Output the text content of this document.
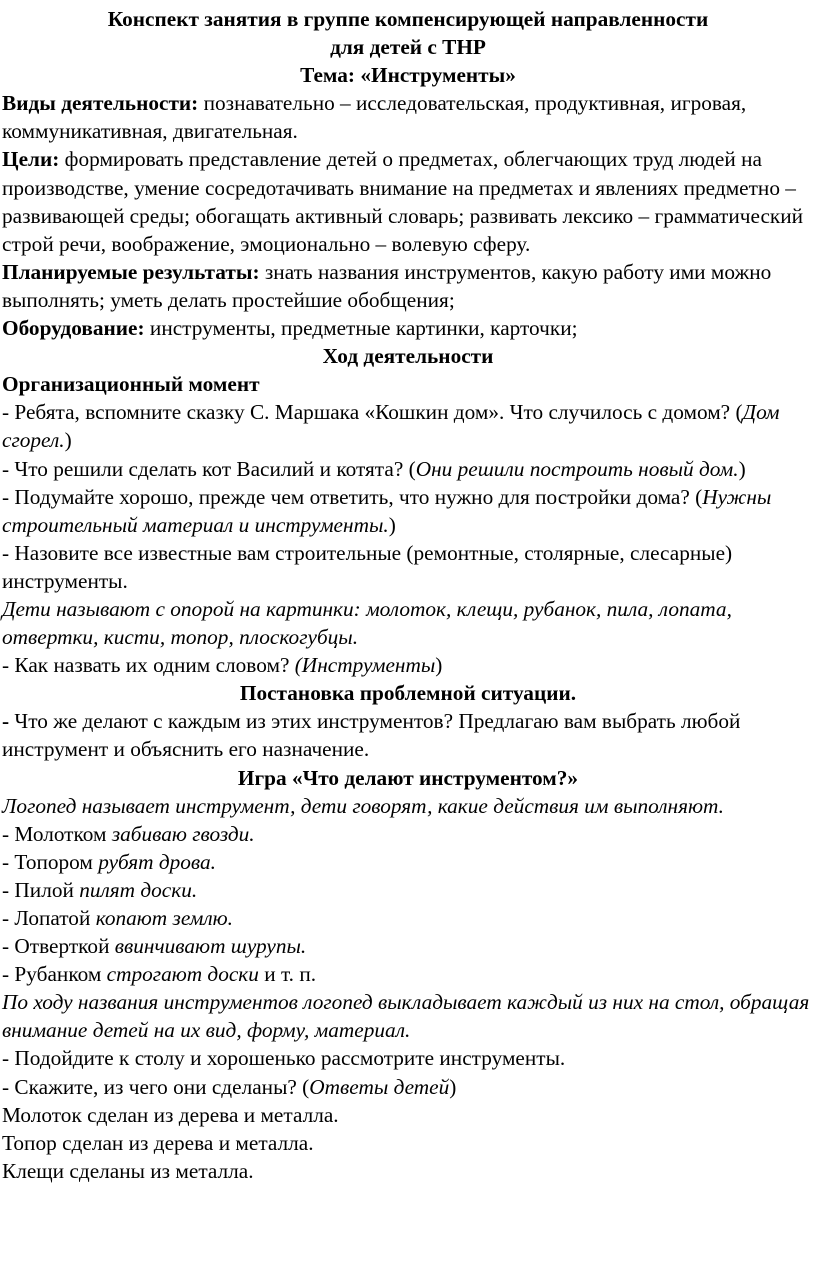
Конспект занятия в группе компенсирующей направленности

для детей с ТНР

Тема: «Инструменты»

Виды деятельности: познавательно – исследовательская, продуктивная, игровая, коммуникативная, двигательная.

Цели: формировать представление детей о предметах, облегчающих труд людей на производстве, умение сосредотачивать внимание на предметах и явлениях предметно – развивающей среды; обогащать активный словарь; развивать лексико – грамматический строй речи, воображение, эмоционально – волевую сферу.

Планируемые результаты: знать названия инструментов, какую работу ими можно выполнять; уметь делать простейшие обобщения;

Оборудование: инструменты, предметные картинки, карточки;

Ход деятельности

Организационный момент

- Ребята, вспомните сказку С. Маршака «Кошкин дом». Что случилось с домом? (Дом сгорел.)

- Что решили сделать кот Василий и котята? (Они решили построить новый дом.)

- Подумайте хорошо, прежде чем ответить, что нужно для постройки дома? (Нужны строительный материал и инструменты.)

- Назовите все известные вам строительные (ремонтные, столярные, слесарные) инструменты.

Дети называют с опорой на картинки: молоток, клещи, рубанок, пила, лопата, отвертки, кисти, топор, плоскогубцы.

- Как назвать их одним словом? (Инструменты)

Постановка проблемной ситуации.

- Что же делают с каждым из этих инструментов? Предлагаю вам выбрать любой инструмент и объяснить его назначение.

Игра «Что делают инструментом?»

Логопед называет инструмент, дети говорят, какие действия им выполняют.

- Молотком забиваю гвозди.

- Топором рубят дрова.

- Пилой пилят доски.

- Лопатой копают землю.

- Отверткой ввинчивают шурупы.

- Рубанком строгают доски и т. п.

По ходу названия инструментов логопед выкладывает каждый из них на стол, обращая внимание детей на их вид, форму, материал.

- Подойдите к столу и хорошенько рассмотрите инструменты.

- Скажите, из чего они сделаны? (Ответы детей)

Молоток сделан из дерева и металла.

Топор сделан из дерева и металла.

Клещи сделаны из металла.
